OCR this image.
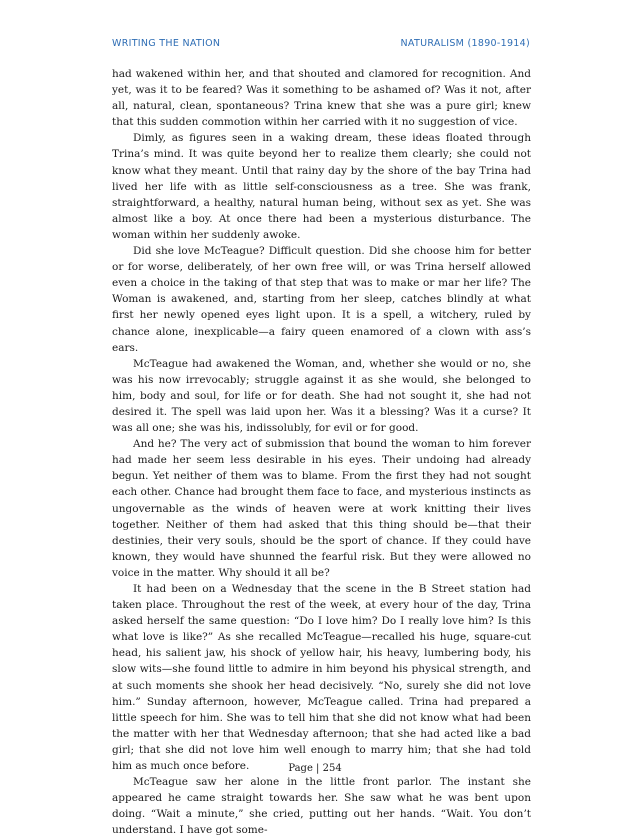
WRITING THE NATION	NATURALISM (1890-1914)

had wakened within her, and that shouted and clamored for recognition. And yet, was it to be feared? Was it something to be ashamed of? Was it not, after all, natural, clean, spontaneous? Trina knew that she was a pure girl; knew that this sudden commotion within her carried with it no suggestion of vice.

Dimly, as figures seen in a waking dream, these ideas floated through Trina’s mind. It was quite beyond her to realize them clearly; she could not know what they meant. Until that rainy day by the shore of the bay Trina had lived her life with as little self-consciousness as a tree. She was frank, straightforward, a healthy, natural human being, without sex as yet. She was almost like a boy. At once there had been a mysterious disturbance. The woman within her suddenly awoke.

Did she love McTeague? Difficult question. Did she choose him for better or for worse, deliberately, of her own free will, or was Trina herself allowed even a choice in the taking of that step that was to make or mar her life? The Woman is awakened, and, starting from her sleep, catches blindly at what first her newly opened eyes light upon. It is a spell, a witchery, ruled by chance alone, inexplicable—a fairy queen enamored of a clown with ass’s ears.

McTeague had awakened the Woman, and, whether she would or no, she was his now irrevocably; struggle against it as she would, she belonged to him, body and soul, for life or for death. She had not sought it, she had not desired it. The spell was laid upon her. Was it a blessing? Was it a curse? It was all one; she was his, indissolubly, for evil or for good.

And he? The very act of submission that bound the woman to him forever had made her seem less desirable in his eyes. Their undoing had already begun. Yet neither of them was to blame. From the first they had not sought each other. Chance had brought them face to face, and mysterious instincts as ungovernable as the winds of heaven were at work knitting their lives together. Neither of them had asked that this thing should be—that their destinies, their very souls, should be the sport of chance. If they could have known, they would have shunned the fearful risk. But they were allowed no voice in the matter. Why should it all be?

It had been on a Wednesday that the scene in the B Street station had taken place. Throughout the rest of the week, at every hour of the day, Trina asked herself the same question: “Do I love him? Do I really love him? Is this what love is like?” As she recalled McTeague—recalled his huge, square-cut head, his salient jaw, his shock of yellow hair, his heavy, lumbering body, his slow wits—she found little to admire in him beyond his physical strength, and at such moments she shook her head decisively. “No, surely she did not love him.” Sunday afternoon, however, McTeague called. Trina had prepared a little speech for him. She was to tell him that she did not know what had been the matter with her that Wednesday afternoon; that she had acted like a bad girl; that she did not love him well enough to marry him; that she had told him as much once before.

McTeague saw her alone in the little front parlor. The instant she appeared he came straight towards her. She saw what he was bent upon doing. “Wait a minute,” she cried, putting out her hands. “Wait. You don’t understand. I have got some-

Page | 254
